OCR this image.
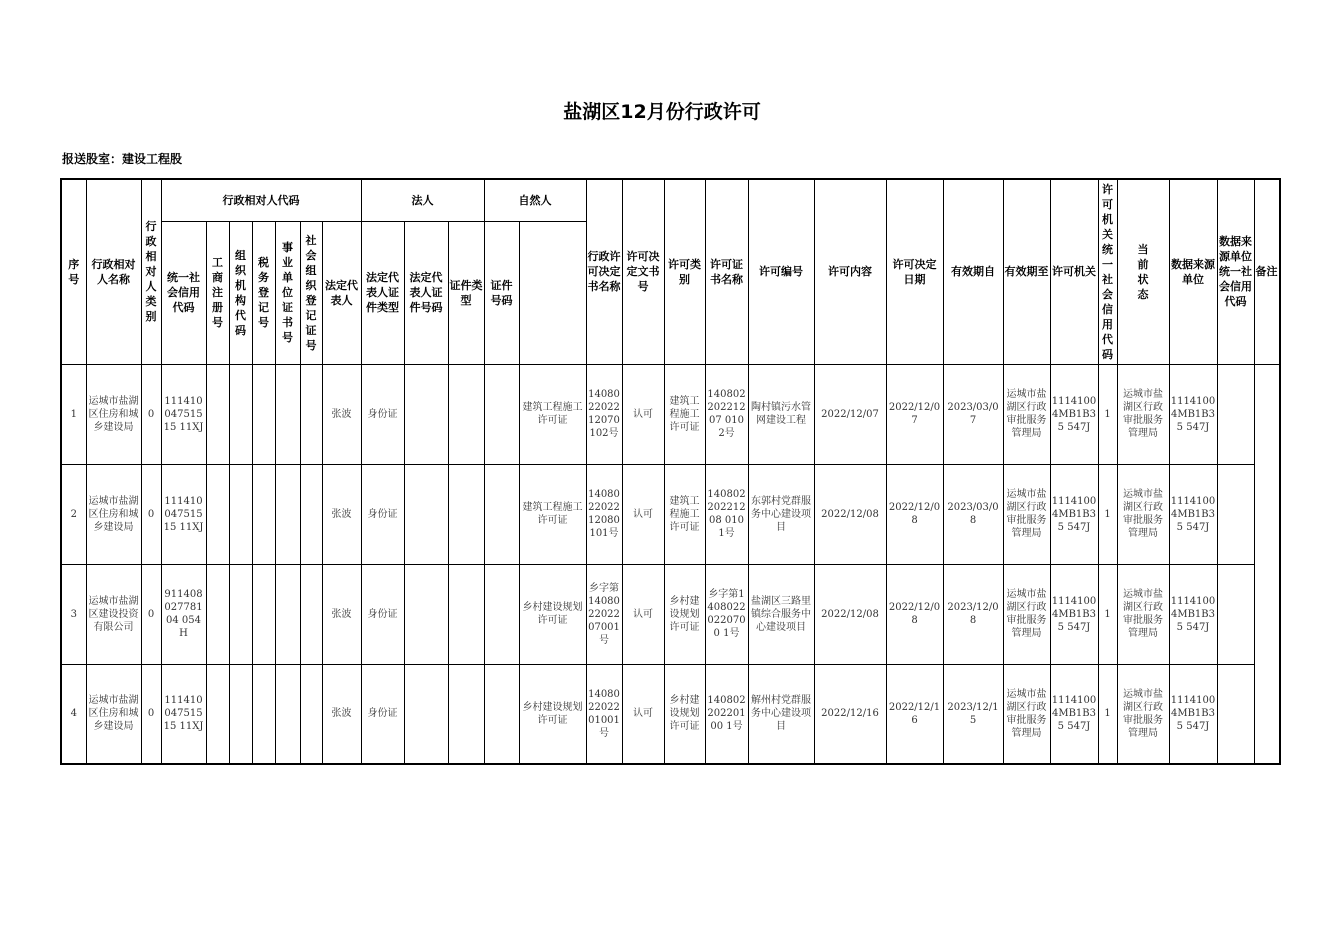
盐湖区12月份行政许可
报送股室：建设工程股
序号	行政相对人名称	行政相对人类别	行政相对人代码							法人			自然人		行政许可决定书名称	许可决定文书号	许可类别	许可证书名称	许可编号	许可内容	许可决定日期	有效期自	有效期至	许可机关	许可机关统一社会信用代码	当前状态	数据来源单位	数据来源单位统一社会信用代码	备注
			统一社会信用代码	工商注册号	组织机构代码	税务登记号	事业单位证书号	社会组织登记证号	法定代表人	法定代表人证件类型	法定代表人证件号码	证件类型	证件号码																
1	运城市盐湖区住房和城乡建设局	0	11141004751515 11XJ						张波	身份证				建筑工程施工许可证	1408022022 12070102号	认可	建筑工程施工许可证	14080220221207 0102号	陶村镇污水管网建设工程	2022/12/07	2022/12/07	2023/03/07	运城市盐湖区行政审批服务管理局	1114100 4MB1B35 547J	1	运城市盐湖区行政审批服务管理局	1114100 4MB1B35 547J		
2	运城市盐湖区住房和城乡建设局	0	11141004751515 11XJ						张波	身份证				建筑工程施工许可证	1408022022 12080101号	认可	建筑工程施工许可证	14080220221208 0101号	东郭村党群服务中心建设项目	2022/12/08	2022/12/08	2023/03/08	运城市盐湖区行政审批服务管理局	1114100 4MB1B35 547J	1	运城市盐湖区行政审批服务管理局	1114100 4MB1B35 547J		
3	运城市盐湖区建设投资有限公司	0	91140802778104 054H						张波	身份证				乡村建设规划许可证	乡字第1408022022 07001号	认可	乡村建设规划许可证	乡字第14080220220700 1号	盐湖区三路里镇综合服务中心建设项目	2022/12/08	2022/12/08	2023/12/08	运城市盐湖区行政审批服务管理局	1114100 4MB1B35 547J	1	运城市盐湖区行政审批服务管理局	1114100 4MB1B35 547J		
4	运城市盐湖区住房和城乡建设局	0	11141004751515 11XJ						张波	身份证				乡村建设规划许可证	1408022022 01001号	认可	乡村建设规划许可证	14080220220100 1号	解州村党群服务中心建设项目	2022/12/16	2022/12/16	2023/12/15	运城市盐湖区行政审批服务管理局	1114100 4MB1B35 547J	1	运城市盐湖区行政审批服务管理局	1114100 4MB1B35 547J		
